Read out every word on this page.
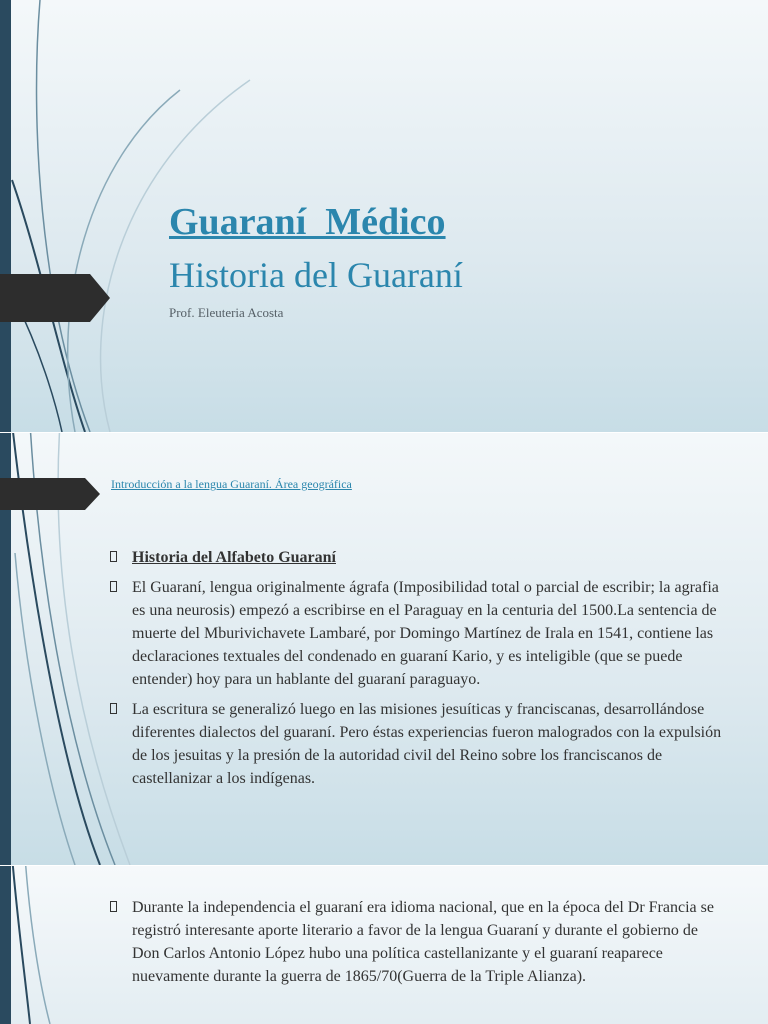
Guaraní  Médico
Historia del Guaraní
Prof. Eleuteria Acosta
Introducción a la lengua Guaraní. Área geográfica
Historia del Alfabeto Guaraní
El Guaraní, lengua originalmente ágrafa (Imposibilidad total o parcial de escribir; la agrafia es una neurosis) empezó a escribirse en el Paraguay en la centuria del 1500.La sentencia de muerte del Mburivichavete Lambaré, por Domingo Martínez de Irala en 1541, contiene las declaraciones textuales del condenado en guaraní Kario, y es inteligible (que se puede entender) hoy para un hablante del guaraní paraguayo.
La escritura se generalizó luego en las misiones jesuíticas y franciscanas, desarrollándose diferentes dialectos del guaraní. Pero éstas experiencias fueron malogrados con la expulsión de los jesuitas y la presión de la autoridad civil del Reino sobre los franciscanos de castellanizar a los indígenas.
Durante la independencia el guaraní era idioma nacional, que en la época del Dr Francia se registró interesante aporte literario a favor de la lengua Guaraní y durante el gobierno de Don Carlos Antonio López hubo una política castellanizante y el guaraní reaparece nuevamente durante la guerra de 1865/70(Guerra de la Triple Alianza).
